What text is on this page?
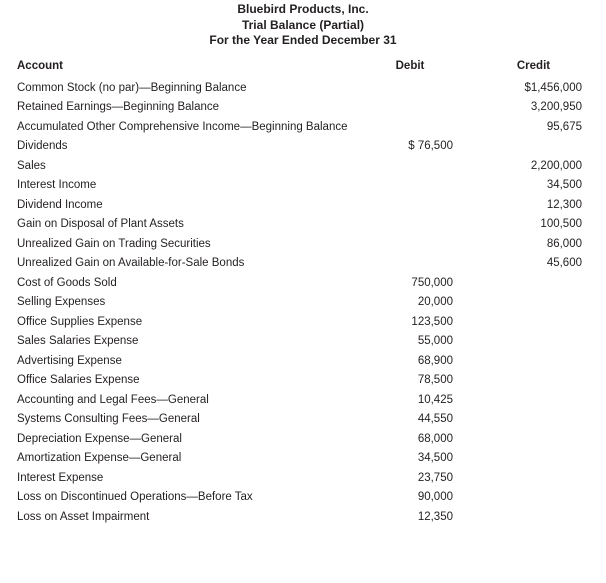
Bluebird Products, Inc.
Trial Balance (Partial)
For the Year Ended December 31
Account	Debit	Credit
Common Stock (no par)—Beginning Balance		$1,456,000
Retained Earnings—Beginning Balance		3,200,950
Accumulated Other Comprehensive Income—Beginning Balance		95,675
Dividends	$ 76,500	
Sales		2,200,000
Interest Income		34,500
Dividend Income		12,300
Gain on Disposal of Plant Assets		100,500
Unrealized Gain on Trading Securities		86,000
Unrealized Gain on Available-for-Sale Bonds		45,600
Cost of Goods Sold	750,000	
Selling Expenses	20,000	
Office Supplies Expense	123,500	
Sales Salaries Expense	55,000	
Advertising Expense	68,900	
Office Salaries Expense	78,500	
Accounting and Legal Fees—General	10,425	
Systems Consulting Fees—General	44,550	
Depreciation Expense—General	68,000	
Amortization Expense—General	34,500	
Interest Expense	23,750	
Loss on Discontinued Operations—Before Tax	90,000	
Loss on Asset Impairment	12,350	
